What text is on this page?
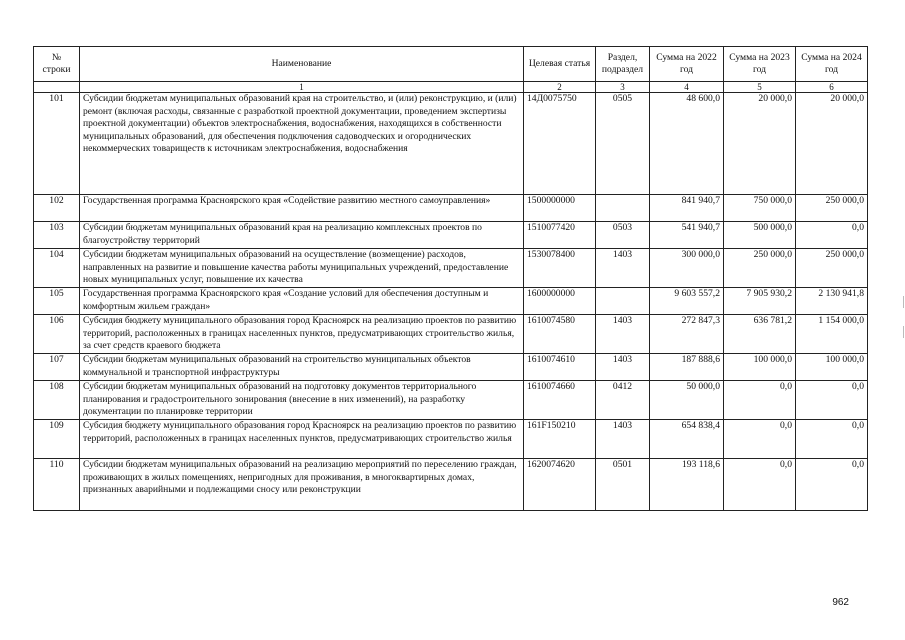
№ строки	Наименование	Целевая статья	Раздел, подраздел	Сумма на 2022 год	Сумма на 2023 год	Сумма на 2024 год
	1	2	3	4	5	6
101	Субсидии бюджетам муниципальных образований края на строительство, и (или) реконструкцию, и (или) ремонт (включая расходы, связанные с разработкой проектной документации, проведением экспертизы проектной документации) объектов электроснабжения, водоснабжения, находящихся в собственности муниципальных образований, для обеспечения подключения садоводческих и огороднических некоммерческих товариществ к источникам электроснабжения, водоснабжения	14Д0075750	0505	48 600,0	20 000,0	20 000,0
102	Государственная программа Красноярского края «Содействие развитию местного самоуправления»	1500000000		841 940,7	750 000,0	250 000,0
103	Субсидии бюджетам муниципальных образований края на реализацию комплексных проектов по благоустройству территорий	1510077420	0503	541 940,7	500 000,0	0,0
104	Субсидии бюджетам муниципальных образований на осуществление (возмещение) расходов, направленных на развитие и повышение качества работы муниципальных учреждений, предоставление новых муниципальных услуг, повышение их качества	1530078400	1403	300 000,0	250 000,0	250 000,0
105	Государственная программа Красноярского края «Создание условий для обеспечения доступным и комфортным жильем граждан»	1600000000		9 603 557,2	7 905 930,2	2 130 941,8
106	Субсидия бюджету муниципального образования город Красноярск на реализацию проектов по развитию территорий, расположенных в границах населенных пунктов, предусматривающих строительство жилья, за счет средств краевого бюджета	1610074580	1403	272 847,3	636 781,2	1 154 000,0
107	Субсидии бюджетам муниципальных образований на строительство муниципальных объектов коммунальной и транспортной инфраструктуры	1610074610	1403	187 888,6	100 000,0	100 000,0
108	Субсидии бюджетам муниципальных образований на подготовку документов территориального планирования и градостроительного зонирования (внесение в них изменений), на разработку документации по планировке территории	1610074660	0412	50 000,0	0,0	0,0
109	Субсидия бюджету муниципального образования город Красноярск на реализацию проектов по развитию территорий, расположенных в границах населенных пунктов, предусматривающих строительство жилья	161F150210	1403	654 838,4	0,0	0,0
110	Субсидии бюджетам муниципальных образований на реализацию мероприятий по переселению граждан, проживающих в жилых помещениях, непригодных для проживания, в многоквартирных домах, признанных аварийными и подлежащими сносу или реконструкции	1620074620	0501	193 118,6	0,0	0,0
962
